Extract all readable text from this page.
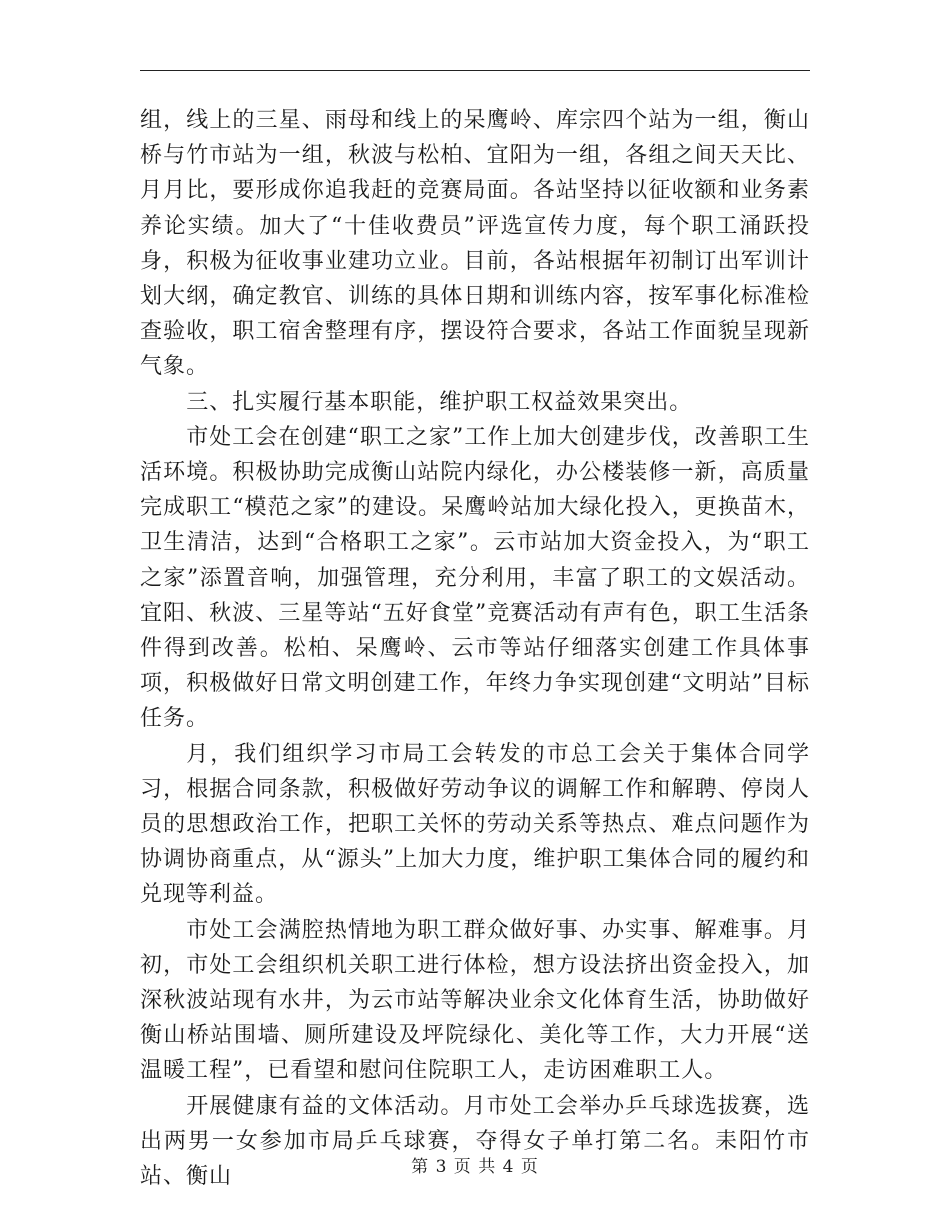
组，线上的三星、雨母和线上的呆鹰岭、库宗四个站为一组，衡山桥与竹市站为一组，秋波与松柏、宜阳为一组，各组之间天天比、月月比，要形成你追我赶的竞赛局面。各站坚持以征收额和业务素养论实绩。加大了“十佳收费员”评选宣传力度，每个职工涌跃投身，积极为征收事业建功立业。目前，各站根据年初制订出军训计划大纲，确定教官、训练的具体日期和训练内容，按军事化标准检查验收，职工宿舍整理有序，摆设符合要求，各站工作面貌呈现新气象。

三、扎实履行基本职能，维护职工权益效果突出。

市处工会在创建“职工之家”工作上加大创建步伐，改善职工生活环境。积极协助完成衡山站院内绿化，办公楼装修一新，高质量完成职工“模范之家”的建设。呆鹰岭站加大绿化投入，更换苗木，卫生清洁，达到“合格职工之家”。云市站加大资金投入，为“职工之家”添置音响，加强管理，充分利用，丰富了职工的文娱活动。宜阳、秋波、三星等站“五好食堂”竞赛活动有声有色，职工生活条件得到改善。松柏、呆鹰岭、云市等站仔细落实创建工作具体事项，积极做好日常文明创建工作，年终力争实现创建“文明站”目标任务。

月，我们组织学习市局工会转发的市总工会关于集体合同学习，根据合同条款，积极做好劳动争议的调解工作和解聘、停岗人员的思想政治工作，把职工关怀的劳动关系等热点、难点问题作为协调协商重点，从“源头”上加大力度，维护职工集体合同的履约和兑现等利益。

市处工会满腔热情地为职工群众做好事、办实事、解难事。月初，市处工会组织机关职工进行体检，想方设法挤出资金投入，加深秋波站现有水井，为云市站等解决业余文化体育生活，协助做好衡山桥站围墙、厕所建设及坪院绿化、美化等工作，大力开展“送温暖工程”，已看望和慰问住院职工人，走访困难职工人。

开展健康有益的文体活动。月市处工会举办乒乓球选拔赛，选出两男一女参加市局乒乓球赛，夺得女子单打第二名。耒阳竹市站、衡山	第 3 页 共 4 页
